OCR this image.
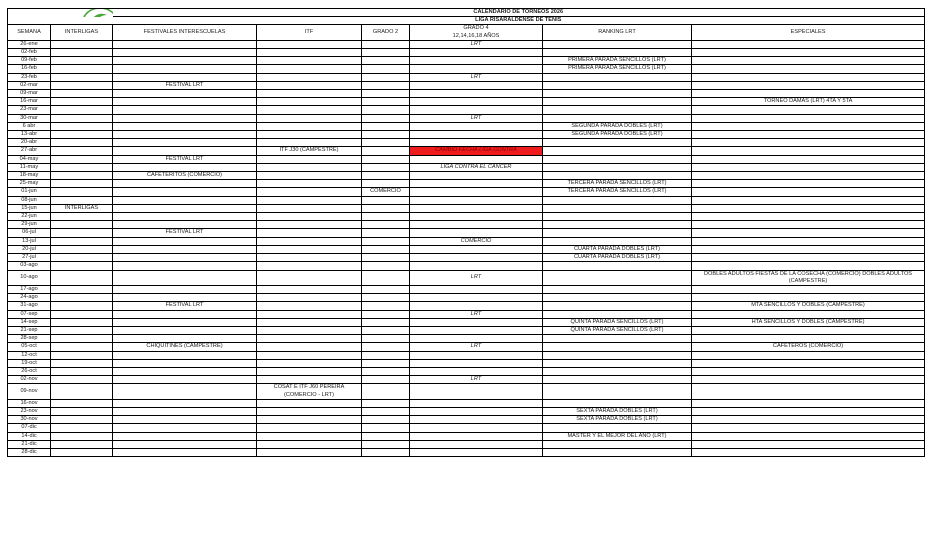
LRT		CALENDARIO DE TORNEOS 2026					
		LIGA RISARALDENSE DE TENIS					
SEMANA	INTERLIGAS	FESTIVALES INTERESCUELAS	ITF	GRADO 2	GRADO 4
12,14,16,18 AÑOS	RANKING LRT	ESPECIALES
26-ene					LRT		
02-feb							
09-feb						PRIMERA PARADA SENCILLOS (LRT)	
16-feb						PRIMERA PARADA SENCILLOS (LRT)	
23-feb					LRT		
02-mar		FESTIVAL LRT					
09-mar							
16-mar							TORNEO DAMAS (LRT) 4TA Y 5TA
23-mar							
30-mar					LRT		
6 abr						SEGUNDA PARADA DOBLES (LRT)	
13-abr						SEGUNDA PARADA DOBLES (LRT)	
20-abr							
27-abr			ITF J30 (CAMPESTRE)		CAMBIO FECHA LIGA CONTRA		
04-may		FESTIVAL LRT					
11-may					LIGA CONTRA EL CANCER		
18-may		CAFETERITOS (COMERCIO)					
25-may						TERCERA PARADA SENCILLOS (LRT)	
01-jun				COMERCIO		TERCERA PARADA SENCILLOS (LRT)	
08-jun							
15-jun	INTERLIGAS						
22-jun							
29-jun							
06-jul		FESTIVAL LRT					
13-jul					COMERCIO		
20-jul						CUARTA PARADA DOBLES (LRT)	
27-jul						CUARTA PARADA DOBLES (LRT)	
03-ago							
10-ago					LRT		DOBLES ADULTOS FIESTAS DE LA COSECHA (COMERCIO) DOBLES ADULTOS (CAMPESTRE)
17-ago							
24-ago							
31-ago		FESTIVAL LRT					MTA SENCILLOS Y DOBLES (CAMPESTRE)
07-sep					LRT		
14-sep						QUINTA PARADA SENCILLOS (LRT)	HTA SENCILLOS Y DOBLES (CAMPESTRE)
21-sep						QUINTA PARADA SENCILLOS (LRT)	
28-sep							
05-oct		CHIQUITINES (CAMPESTRE)			LRT		CAFETEROS (COMERCIO)
12-oct							
19-oct							
26-oct							
02-nov					LRT		
09-nov			COSAT E ITF J60 PEREIRA (COMERCIO - LRT)				
16-nov							
23-nov						SEXTA PARADA DOBLES (LRT)	
30-nov						SEXTA PARADA DOBLES (LRT)	
07-dic							
14-dic						MASTER Y EL MEJOR DEL AÑO (LRT)	
21-dic							
28-dic							
